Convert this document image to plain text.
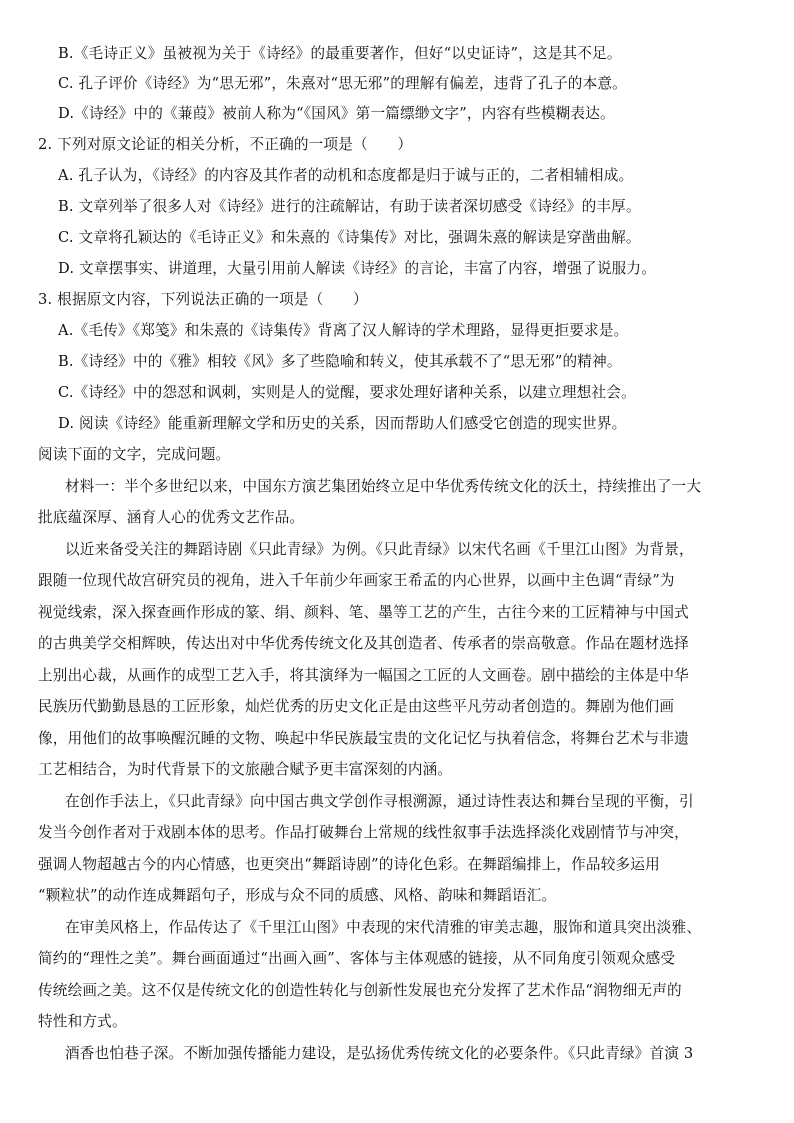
B.《毛诗正义》虽被视为关于《诗经》的最重要著作，但好“以史证诗”，这是其不足。
C. 孔子评价《诗经》为“思无邪”，朱熹对“思无邪”的理解有偏差，违背了孔子的本意。
D.《诗经》中的《蒹葭》被前人称为“《国风》第一篇缥缈文字”，内容有些模糊表达。
2. 下列对原文论证的相关分析，不正确的一项是（　　）
A. 孔子认为，《诗经》的内容及其作者的动机和态度都是归于诚与正的，二者相辅相成。
B. 文章列举了很多人对《诗经》进行的注疏解诂，有助于读者深切感受《诗经》的丰厚。
C. 文章将孔颖达的《毛诗正义》和朱熹的《诗集传》对比，强调朱熹的解读是穿凿曲解。
D. 文章摆事实、讲道理，大量引用前人解读《诗经》的言论，丰富了内容，增强了说服力。
3. 根据原文内容，下列说法正确的一项是（　　）
A.《毛传》《郑笺》和朱熹的《诗集传》背离了汉人解诗的学术理路，显得更拒要求是。
B.《诗经》中的《雅》相较《风》多了些隐喻和转义，使其承载不了“思无邪”的精神。
C.《诗经》中的怨怼和讽刺，实则是人的觉醒，要求处理好诸种关系，以建立理想社会。
D. 阅读《诗经》能重新理解文学和历史的关系，因而帮助人们感受它创造的现实世界。
阅读下面的文字，完成问题。
材料一：半个多世纪以来，中国东方演艺集团始终立足中华优秀传统文化的沃土，持续推出了一大
批底蕴深厚、涵育人心的优秀文艺作品。
以近来备受关注的舞蹈诗剧《只此青绿》为例。《只此青绿》以宋代名画《千里江山图》为背景，
跟随一位现代故宫研究员的视角，进入千年前少年画家王希孟的内心世界，以画中主色调“青绿”为
视觉线索，深入探查画作形成的篆、绢、颜料、笔、墨等工艺的产生，古往今来的工匠精神与中国式
的古典美学交相辉映，传达出对中华优秀传统文化及其创造者、传承者的崇高敬意。作品在题材选择
上别出心裁，从画作的成型工艺入手，将其演绎为一幅国之工匠的人文画卷。剧中描绘的主体是中华
民族历代勤勤恳恳的工匠形象，灿烂优秀的历史文化正是由这些平凡劳动者创造的。舞剧为他们画
像，用他们的故事唤醒沉睡的文物、唤起中华民族最宝贵的文化记忆与执着信念，将舞台艺术与非遗
工艺相结合，为时代背景下的文旅融合赋予更丰富深刻的内涵。
在创作手法上，《只此青绿》向中国古典文学创作寻根溯源，通过诗性表达和舞台呈现的平衡，引
发当今创作者对于戏剧本体的思考。作品打破舞台上常规的线性叙事手法选择淡化戏剧情节与冲突，
强调人物超越古今的内心情感，也更突出“舞蹈诗剧”的诗化色彩。在舞蹈编排上，作品较多运用
“颗粒状”的动作连成舞蹈句子，形成与众不同的质感、风格、韵味和舞蹈语汇。
在审美风格上，作品传达了《千里江山图》中表现的宋代清雅的审美志趣，服饰和道具突出淡雅、
简约的“理性之美”。舞台画面通过“出画入画”、客体与主体观感的链接，从不同角度引领观众感受
传统绘画之美。这不仅是传统文化的创造性转化与创新性发展也充分发挥了艺术作品“润物细无声的
特性和方式。
酒香也怕巷子深。不断加强传播能力建设，是弘扬优秀传统文化的必要条件。《只此青绿》首演 3
